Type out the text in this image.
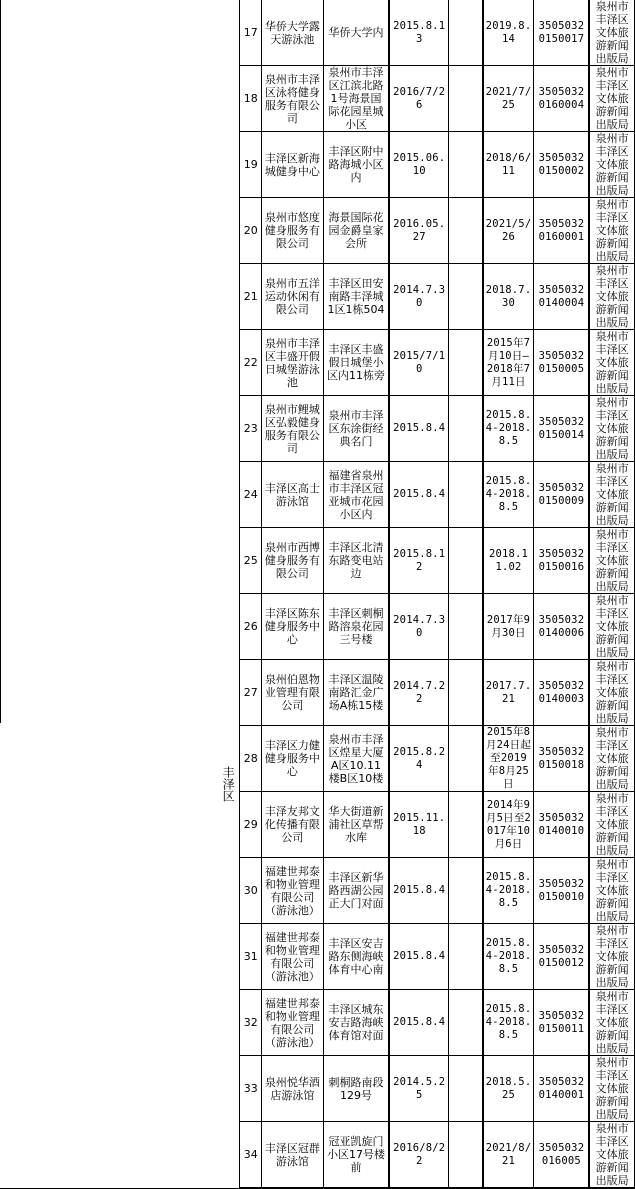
丰泽区	17	华侨大学露天游泳池	华侨大学内	2015.8.13		2019.8.14	35050320150017	泉州市丰泽区文体旅游新闻出版局
	18	泉州市丰泽区泳将健身服务有限公司	泉州市丰泽区江滨北路1号海景国际花园星城小区	2016/7/26		2021/7/25	35050320160004	泉州市丰泽区文体旅游新闻出版局
	19	丰泽区新海城健身中心	丰泽区附中路海城小区内	2015.06.10		2018/6/11	35050320150002	泉州市丰泽区文体旅游新闻出版局
	20	泉州市悠度健身服务有限公司	海景国际花园金爵皇家会所	2016.05.27		2021/5/26	35050320160001	泉州市丰泽区文体旅游新闻出版局
	21	泉州市五洋运动休闲有限公司	丰泽区田安南路丰泽城1区1栋504	2014.7.30		2018.7.30	35050320140004	泉州市丰泽区文体旅游新闻出版局
	22	泉州市丰泽区丰盛开假日城堡游泳池	丰泽区丰盛假日城堡小区内11栋旁	2015/7/10		2015年7月10日—2018年7月11日	35050320150005	泉州市丰泽区文体旅游新闻出版局
	23	泉州市鲤城区弘毅健身服务有限公司	泉州市丰泽区东涂街经典名门	2015.8.4		2015.8.4-2018.8.5	35050320150014	泉州市丰泽区文体旅游新闻出版局
	24	丰泽区高士游泳馆	福建省泉州市丰泽区冠亚城市花园小区内	2015.8.4		2015.8.4-2018.8.5	35050320150009	泉州市丰泽区文体旅游新闻出版局
	25	泉州市西博健身服务有限公司	丰泽区北清东路变电站边	2015.8.12		2018.11.02	35050320150016	泉州市丰泽区文体旅游新闻出版局
	26	丰泽区陈东健身服务中心	丰泽区刺桐路溶泉花园三号楼	2014.7.30		2017年9月30日	35050320140006	泉州市丰泽区文体旅游新闻出版局
	27	泉州伯恩物业管理有限公司	丰泽区温陵南路汇金广场A栋15楼	2014.7.22		2017.7.21	35050320140003	泉州市丰泽区文体旅游新闻出版局
	28	丰泽区力健健身服务中心	泉州市丰泽区煌星大厦A区10.11楼B区10楼	2015.8.24		2015年8月24日起至2019年8月25日	35050320150018	泉州市丰泽区文体旅游新闻出版局
	29	丰泽友邦文化传播有限公司	华大街道新浦社区草帮水库	2015.11.18		2014年9月5日至2017年10月6日	35050320140010	泉州市丰泽区文体旅游新闻出版局
	30	福建世邦泰和物业管理有限公司（游泳池）	丰泽区新华路西湖公园正大门对面	2015.8.4		2015.8.4-2018.8.5	35050320150010	泉州市丰泽区文体旅游新闻出版局
	31	福建世邦泰和物业管理有限公司（游泳池）	丰泽区安吉路东侧海峡体育中心南	2015.8.4		2015.8.4-2018.8.5	35050320150012	泉州市丰泽区文体旅游新闻出版局
	32	福建世邦泰和物业管理有限公司（游泳池）	丰泽区城东安吉路海峡体育馆对面	2015.8.4		2015.8.4-2018.8.5	35050320150011	泉州市丰泽区文体旅游新闻出版局
	33	泉州悦华酒店游泳馆	刺桐路南段129号	2014.5.25		2018.5.25	35050320140001	泉州市丰泽区文体旅游新闻出版局
	34	丰泽区冠群游泳馆	冠亚凯旋门小区17号楼前	2016/8/22		2021/8/21	3505032016005	泉州市丰泽区文体旅游新闻出版局
